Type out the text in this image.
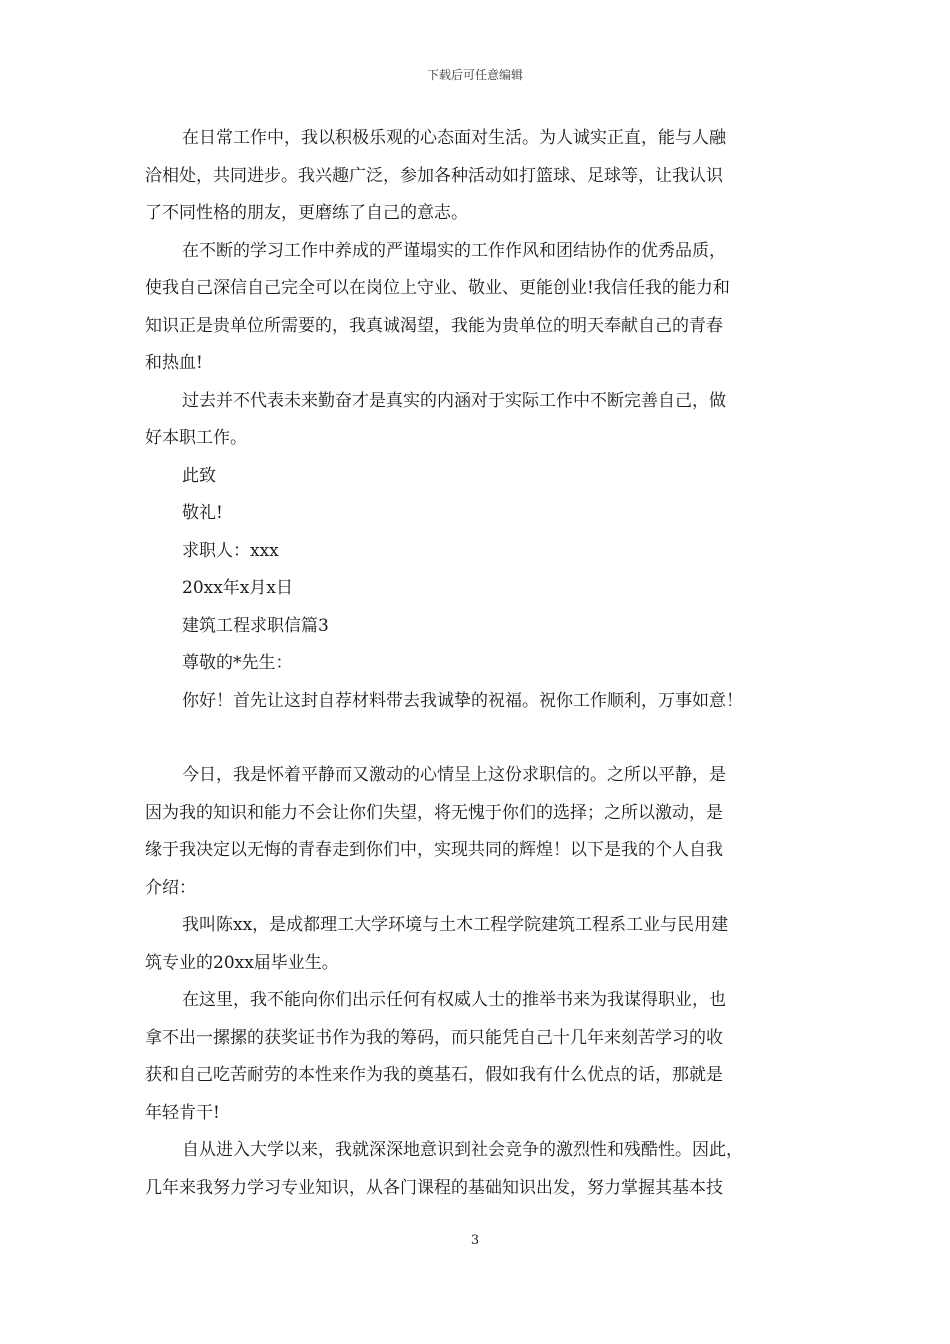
下载后可任意编辑
在日常工作中，我以积极乐观的心态面对生活。为人诚实正直，能与人融
洽相处，共同进步。我兴趣广泛，参加各种活动如打篮球、足球等，让我认识
了不同性格的朋友，更磨练了自己的意志。
在不断的学习工作中养成的严谨塌实的工作作风和团结协作的优秀品质，
使我自己深信自己完全可以在岗位上守业、敬业、更能创业!我信任我的能力和
知识正是贵单位所需要的，我真诚渴望，我能为贵单位的明天奉献自己的青春
和热血!
过去并不代表未来勤奋才是真实的内涵对于实际工作中不断完善自己，做
好本职工作。
此致
敬礼!
求职人：xxx
20xx年x月x日
建筑工程求职信篇3
尊敬的*先生：
你好！首先让这封自荐材料带去我诚挚的祝福。祝你工作顺利，万事如意！
今日，我是怀着平静而又激动的心情呈上这份求职信的。之所以平静，是
因为我的知识和能力不会让你们失望，将无愧于你们的选择；之所以激动，是
缘于我决定以无悔的青春走到你们中，实现共同的辉煌！以下是我的个人自我
介绍：
我叫陈xx，是成都理工大学环境与土木工程学院建筑工程系工业与民用建
筑专业的20xx届毕业生。
在这里，我不能向你们出示任何有权威人士的推举书来为我谋得职业，也
拿不出一摞摞的获奖证书作为我的筹码，而只能凭自己十几年来刻苦学习的收
获和自己吃苦耐劳的本性来作为我的奠基石，假如我有什么优点的话，那就是
年轻肯干!
自从进入大学以来，我就深深地意识到社会竞争的激烈性和残酷性。因此，
几年来我努力学习专业知识，从各门课程的基础知识出发，努力掌握其基本技
3
